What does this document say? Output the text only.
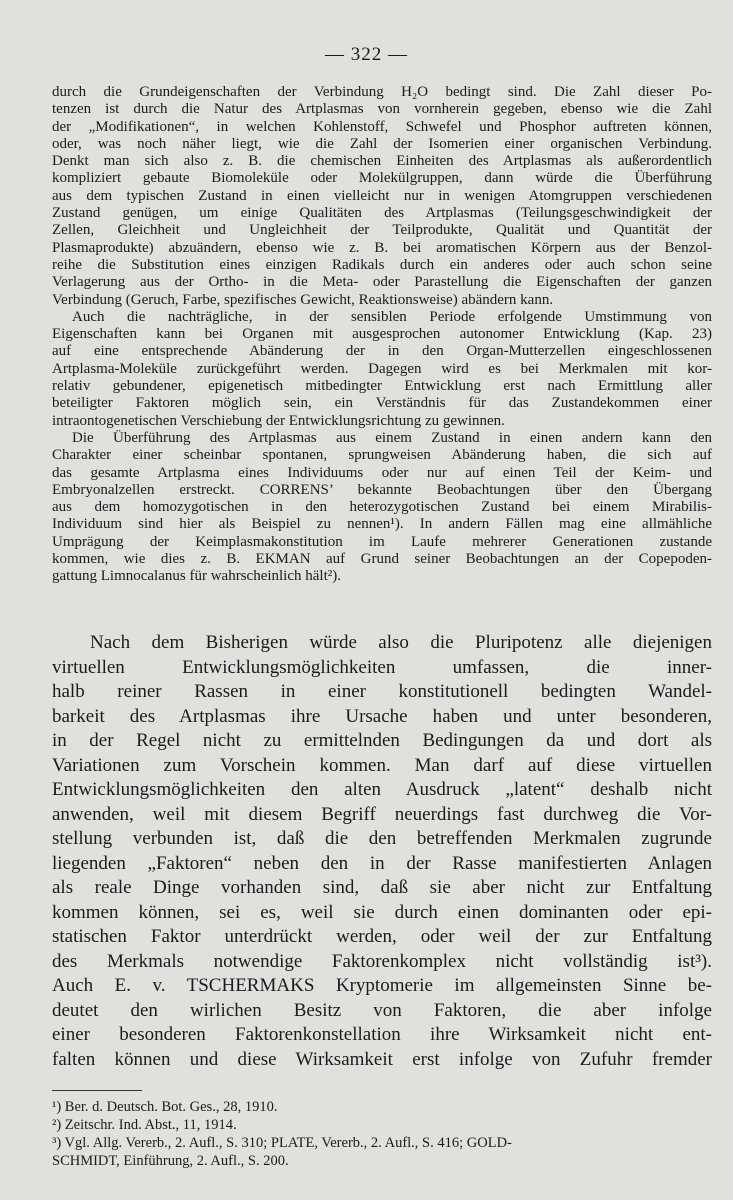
— 322 —
durch die Grundeigenschaften der Verbindung H₂O bedingt sind. Die Zahl dieser Po-
tenzen ist durch die Natur des Artplasmas von vornherein gegeben, ebenso wie die Zahl
der „Modifikationen“, in welchen Kohlenstoff, Schwefel und Phosphor auftreten können,
oder, was noch näher liegt, wie die Zahl der Isomerien einer organischen Verbindung.
Denkt man sich also z. B. die chemischen Einheiten des Artplasmas als außerordentlich
kompliziert gebaute Biomoleküle oder Molekülgruppen, dann würde die Überführung
aus dem typischen Zustand in einen vielleicht nur in wenigen Atomgruppen verschiedenen
Zustand genügen, um einige Qualitäten des Artplasmas (Teilungsgeschwindigkeit der
Zellen, Gleichheit und Ungleichheit der Teilprodukte, Qualität und Quantität der
Plasmaprodukte) abzuändern, ebenso wie z. B. bei aromatischen Körpern aus der Benzol-
reihe die Substitution eines einzigen Radikals durch ein anderes oder auch schon seine
Verlagerung aus der Ortho- in die Meta- oder Parastellung die Eigenschaften der ganzen
Verbindung (Geruch, Farbe, spezifisches Gewicht, Reaktionsweise) abändern kann.
Auch die nachträgliche, in der sensiblen Periode erfolgende Umstimmung von
Eigenschaften kann bei Organen mit ausgesprochen autonomer Entwicklung (Kap. 23)
auf eine entsprechende Abänderung der in den Organ-Mutterzellen eingeschlossenen
Artplasma-Moleküle zurückgeführt werden. Dagegen wird es bei Merkmalen mit kor-
relativ gebundener, epigenetisch mitbedingter Entwicklung erst nach Ermittlung aller
beteiligter Faktoren möglich sein, ein Verständnis für das Zustandekommen einer
intraontogenetischen Verschiebung der Entwicklungsrichtung zu gewinnen.
Die Überführung des Artplasmas aus einem Zustand in einen andern kann den
Charakter einer scheinbar spontanen, sprungweisen Abänderung haben, die sich auf
das gesamte Artplasma eines Individuums oder nur auf einen Teil der Keim- und
Embryonalzellen erstreckt. CORRENS’ bekannte Beobachtungen über den Übergang
aus dem homozygotischen in den heterozygotischen Zustand bei einem Mirabilis-
Individuum sind hier als Beispiel zu nennen¹). In andern Fällen mag eine allmähliche
Umprägung der Keimplasmakonstitution im Laufe mehrerer Generationen zustande
kommen, wie dies z. B. EKMAN auf Grund seiner Beobachtungen an der Copepoden-
gattung Limnocalanus für wahrscheinlich hält²).
Nach dem Bisherigen würde also die Pluripotenz alle diejenigen
virtuellen Entwicklungsmöglichkeiten umfassen, die inner-
halb reiner Rassen in einer konstitutionell bedingten Wandel-
barkeit des Artplasmas ihre Ursache haben und unter besonderen,
in der Regel nicht zu ermittelnden Bedingungen da und dort als
Variationen zum Vorschein kommen. Man darf auf diese virtuellen
Entwicklungsmöglichkeiten den alten Ausdruck „latent“ deshalb nicht
anwenden, weil mit diesem Begriff neuerdings fast durchweg die Vor-
stellung verbunden ist, daß die den betreffenden Merkmalen zugrunde
liegenden „Faktoren“ neben den in der Rasse manifestierten Anlagen
als reale Dinge vorhanden sind, daß sie aber nicht zur Entfaltung
kommen können, sei es, weil sie durch einen dominanten oder epi-
statischen Faktor unterdrückt werden, oder weil der zur Entfaltung
des Merkmals notwendige Faktorenkomplex nicht vollständig ist³).
Auch E. v. TSCHERMAKS Kryptomerie im allgemeinsten Sinne be-
deutet den wirlichen Besitz von Faktoren, die aber infolge
einer besonderen Faktorenkonstellation ihre Wirksamkeit nicht ent-
falten können und diese Wirksamkeit erst infolge von Zufuhr fremder
¹) Ber. d. Deutsch. Bot. Ges., 28, 1910.
²) Zeitschr. Ind. Abst., 11, 1914.
³) Vgl. Allg. Vererb., 2. Aufl., S. 310; PLATE, Vererb., 2. Aufl., S. 416; GOLD-
SCHMIDT, Einführung, 2. Aufl., S. 200.
